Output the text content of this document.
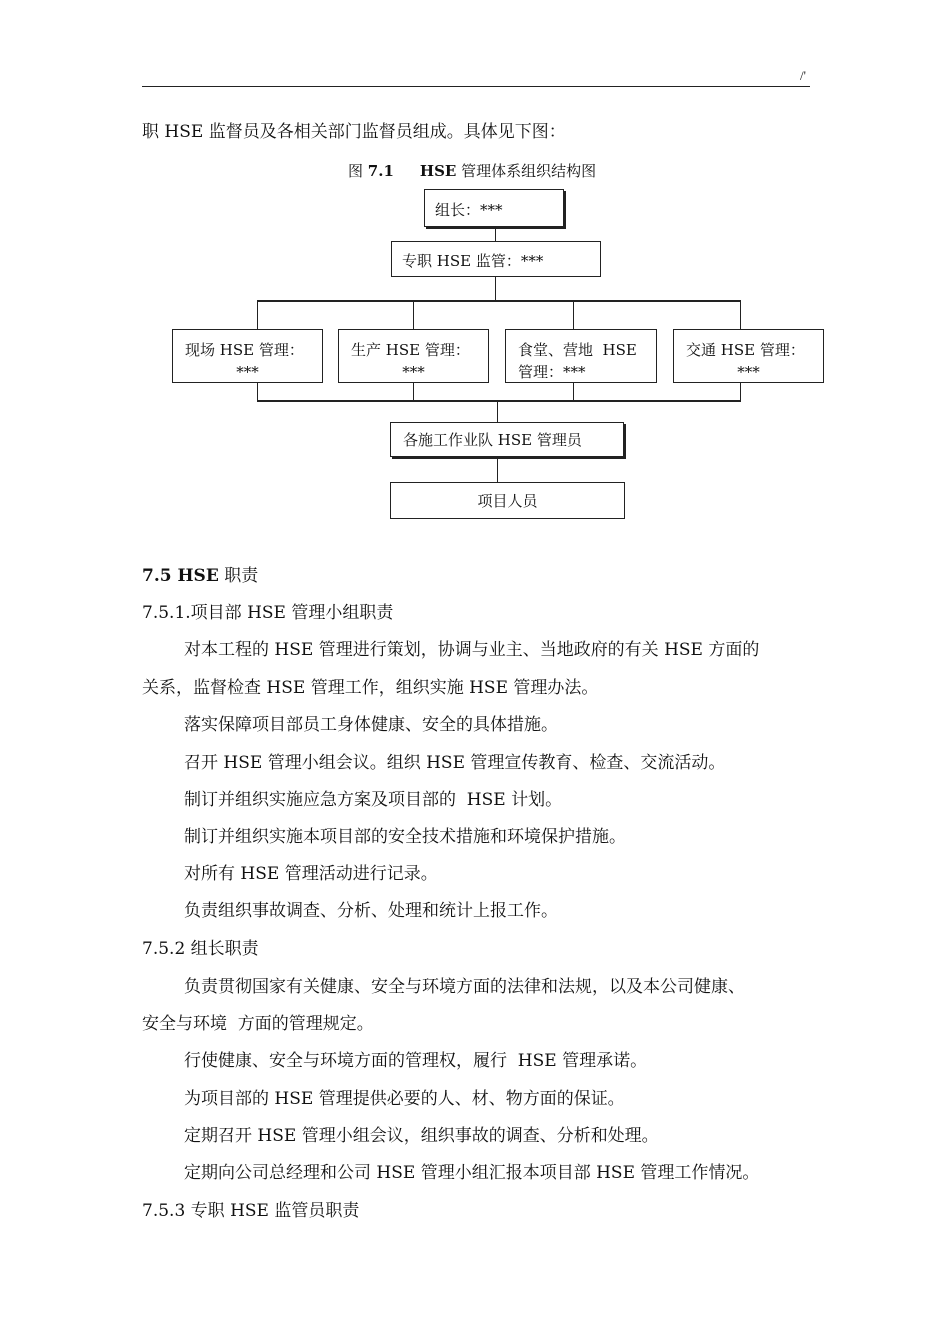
/'
职 HSE 监督员及各相关部门监督员组成。具体见下图：
图 7.1 HSE 管理体系组织结构图
组长：***
专职 HSE 监管：***
现场 HSE 管理：
***
生产 HSE 管理：
***
食堂、营地  HSE
管理：***
交通 HSE 管理：
***
各施工作业队 HSE 管理员
项目人员
7.5 HSE 职责
7.5.1.项目部 HSE 管理小组职责
对本工程的 HSE 管理进行策划，协调与业主、当地政府的有关 HSE 方面的
关系，监督检查 HSE 管理工作，组织实施 HSE 管理办法。
落实保障项目部员工身体健康、安全的具体措施。
召开 HSE 管理小组会议。组织 HSE 管理宣传教育、检查、交流活动。
制订并组织实施应急方案及项目部的  HSE 计划。
制订并组织实施本项目部的安全技术措施和环境保护措施。
对所有 HSE 管理活动进行记录。
负责组织事故调查、分析、处理和统计上报工作。
7.5.2 组长职责
负责贯彻国家有关健康、安全与环境方面的法律和法规，以及本公司健康、
安全与环境  方面的管理规定。
行使健康、安全与环境方面的管理权，履行  HSE 管理承诺。
为项目部的 HSE 管理提供必要的人、材、物方面的保证。
定期召开 HSE 管理小组会议，组织事故的调查、分析和处理。
定期向公司总经理和公司 HSE 管理小组汇报本项目部 HSE 管理工作情况。
7.5.3 专职 HSE 监管员职责
